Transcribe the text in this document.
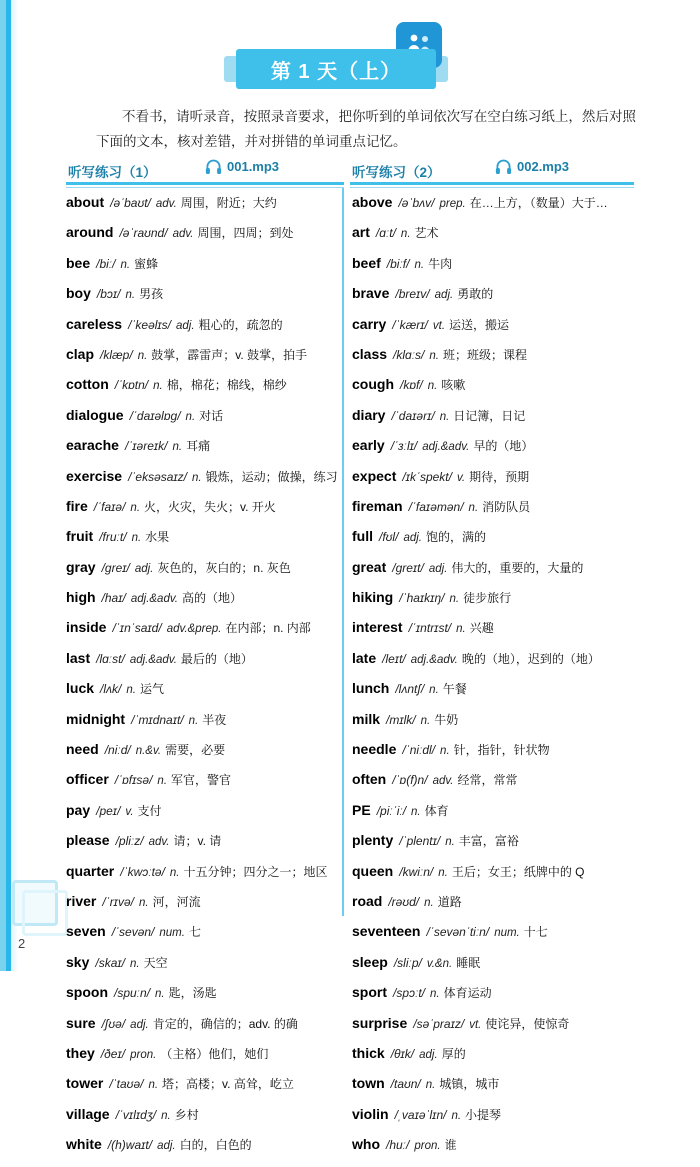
第 1 天（上）
不看书，请听录音，按照录音要求，把你听到的单词依次写在空白练习纸上，然后对照下面的文本，核对差错，并对拼错的单词重点记忆。
听写练习（1）	001.mp3	听写练习（2）	002.mp3
about /əˈbaʊt/ adv. 周围，附近；大约
around /əˈraʊnd/ adv. 周围，四周；到处
bee /biː/ n. 蜜蜂
boy /bɔɪ/ n. 男孩
careless /ˈkeəlɪs/ adj. 粗心的，疏忽的
clap /klæp/ n. 鼓掌，霹雷声；v. 鼓掌，拍手
cotton /ˈkɒtn/ n. 棉，棉花；棉线，棉纱
dialogue /ˈdaɪəlɒg/ n. 对话
earache /ˈɪəreɪk/ n. 耳痛
exercise /ˈeksəsaɪz/ n. 锻炼，运动；做操，练习
fire /ˈfaɪə/ n. 火，火灾，失火；v. 开火
fruit /fruːt/ n. 水果
gray /greɪ/ adj. 灰色的，灰白的；n. 灰色
high /haɪ/ adj.&adv. 高的（地）
inside /ˈɪnˈsaɪd/ adv.&prep. 在内部；n. 内部
last /lɑːst/ adj.&adv. 最后的（地）
luck /lʌk/ n. 运气
midnight /ˈmɪdnaɪt/ n. 半夜
need /niːd/ n.&v. 需要，必要
officer /ˈɒfɪsə/ n. 军官，警官
pay /peɪ/ v. 支付
please /pliːz/ adv. 请；v. 请
quarter /ˈkwɔːtə/ n. 十五分钟；四分之一；地区
river /ˈrɪvə/ n. 河，河流
seven /ˈsevən/ num. 七
sky /skaɪ/ n. 天空
spoon /spuːn/ n. 匙，汤匙
sure /ʃʊə/ adj. 肯定的，确信的；adv. 的确
they /ðeɪ/ pron. （主格）他们，她们
tower /ˈtaʊə/ n. 塔；高楼；v. 高耸，屹立
village /ˈvɪlɪdʒ/ n. 乡村
white /(h)waɪt/ adj. 白的，白色的
above /əˈbʌv/ prep. 在…上方，（数量）大于…
art /ɑːt/ n. 艺术
beef /biːf/ n. 牛肉
brave /breɪv/ adj. 勇敢的
carry /ˈkærɪ/ vt. 运送，搬运
class /klɑːs/ n. 班；班级；课程
cough /kɒf/ n. 咳嗽
diary /ˈdaɪərɪ/ n. 日记簿，日记
early /ˈɜːlɪ/ adj.&adv. 早的（地）
expect /ɪkˈspekt/ v. 期待，预期
fireman /ˈfaɪəmən/ n. 消防队员
full /fʊl/ adj. 饱的，满的
great /greɪt/ adj. 伟大的，重要的，大量的
hiking /ˈhaɪkɪŋ/ n. 徒步旅行
interest /ˈɪntrɪst/ n. 兴趣
late /leɪt/ adj.&adv. 晚的（地），迟到的（地）
lunch /lʌntʃ/ n. 午餐
milk /mɪlk/ n. 牛奶
needle /ˈniːdl/ n. 针，指针，针状物
often /ˈɒ(f)n/ adv. 经常，常常
PE /piːˈiː/ n. 体育
plenty /ˈplentɪ/ n. 丰富，富裕
queen /kwiːn/ n. 王后；女王；纸牌中的 Q
road /rəʊd/ n. 道路
seventeen /ˈsevənˈtiːn/ num. 十七
sleep /sliːp/ v.&n. 睡眠
sport /spɔːt/ n. 体育运动
surprise /səˈpraɪz/ vt. 使诧异，使惊奇
thick /θɪk/ adj. 厚的
town /taʊn/ n. 城镇，城市
violin /ˌvaɪəˈlɪn/ n. 小提琴
who /huː/ pron. 谁
2
